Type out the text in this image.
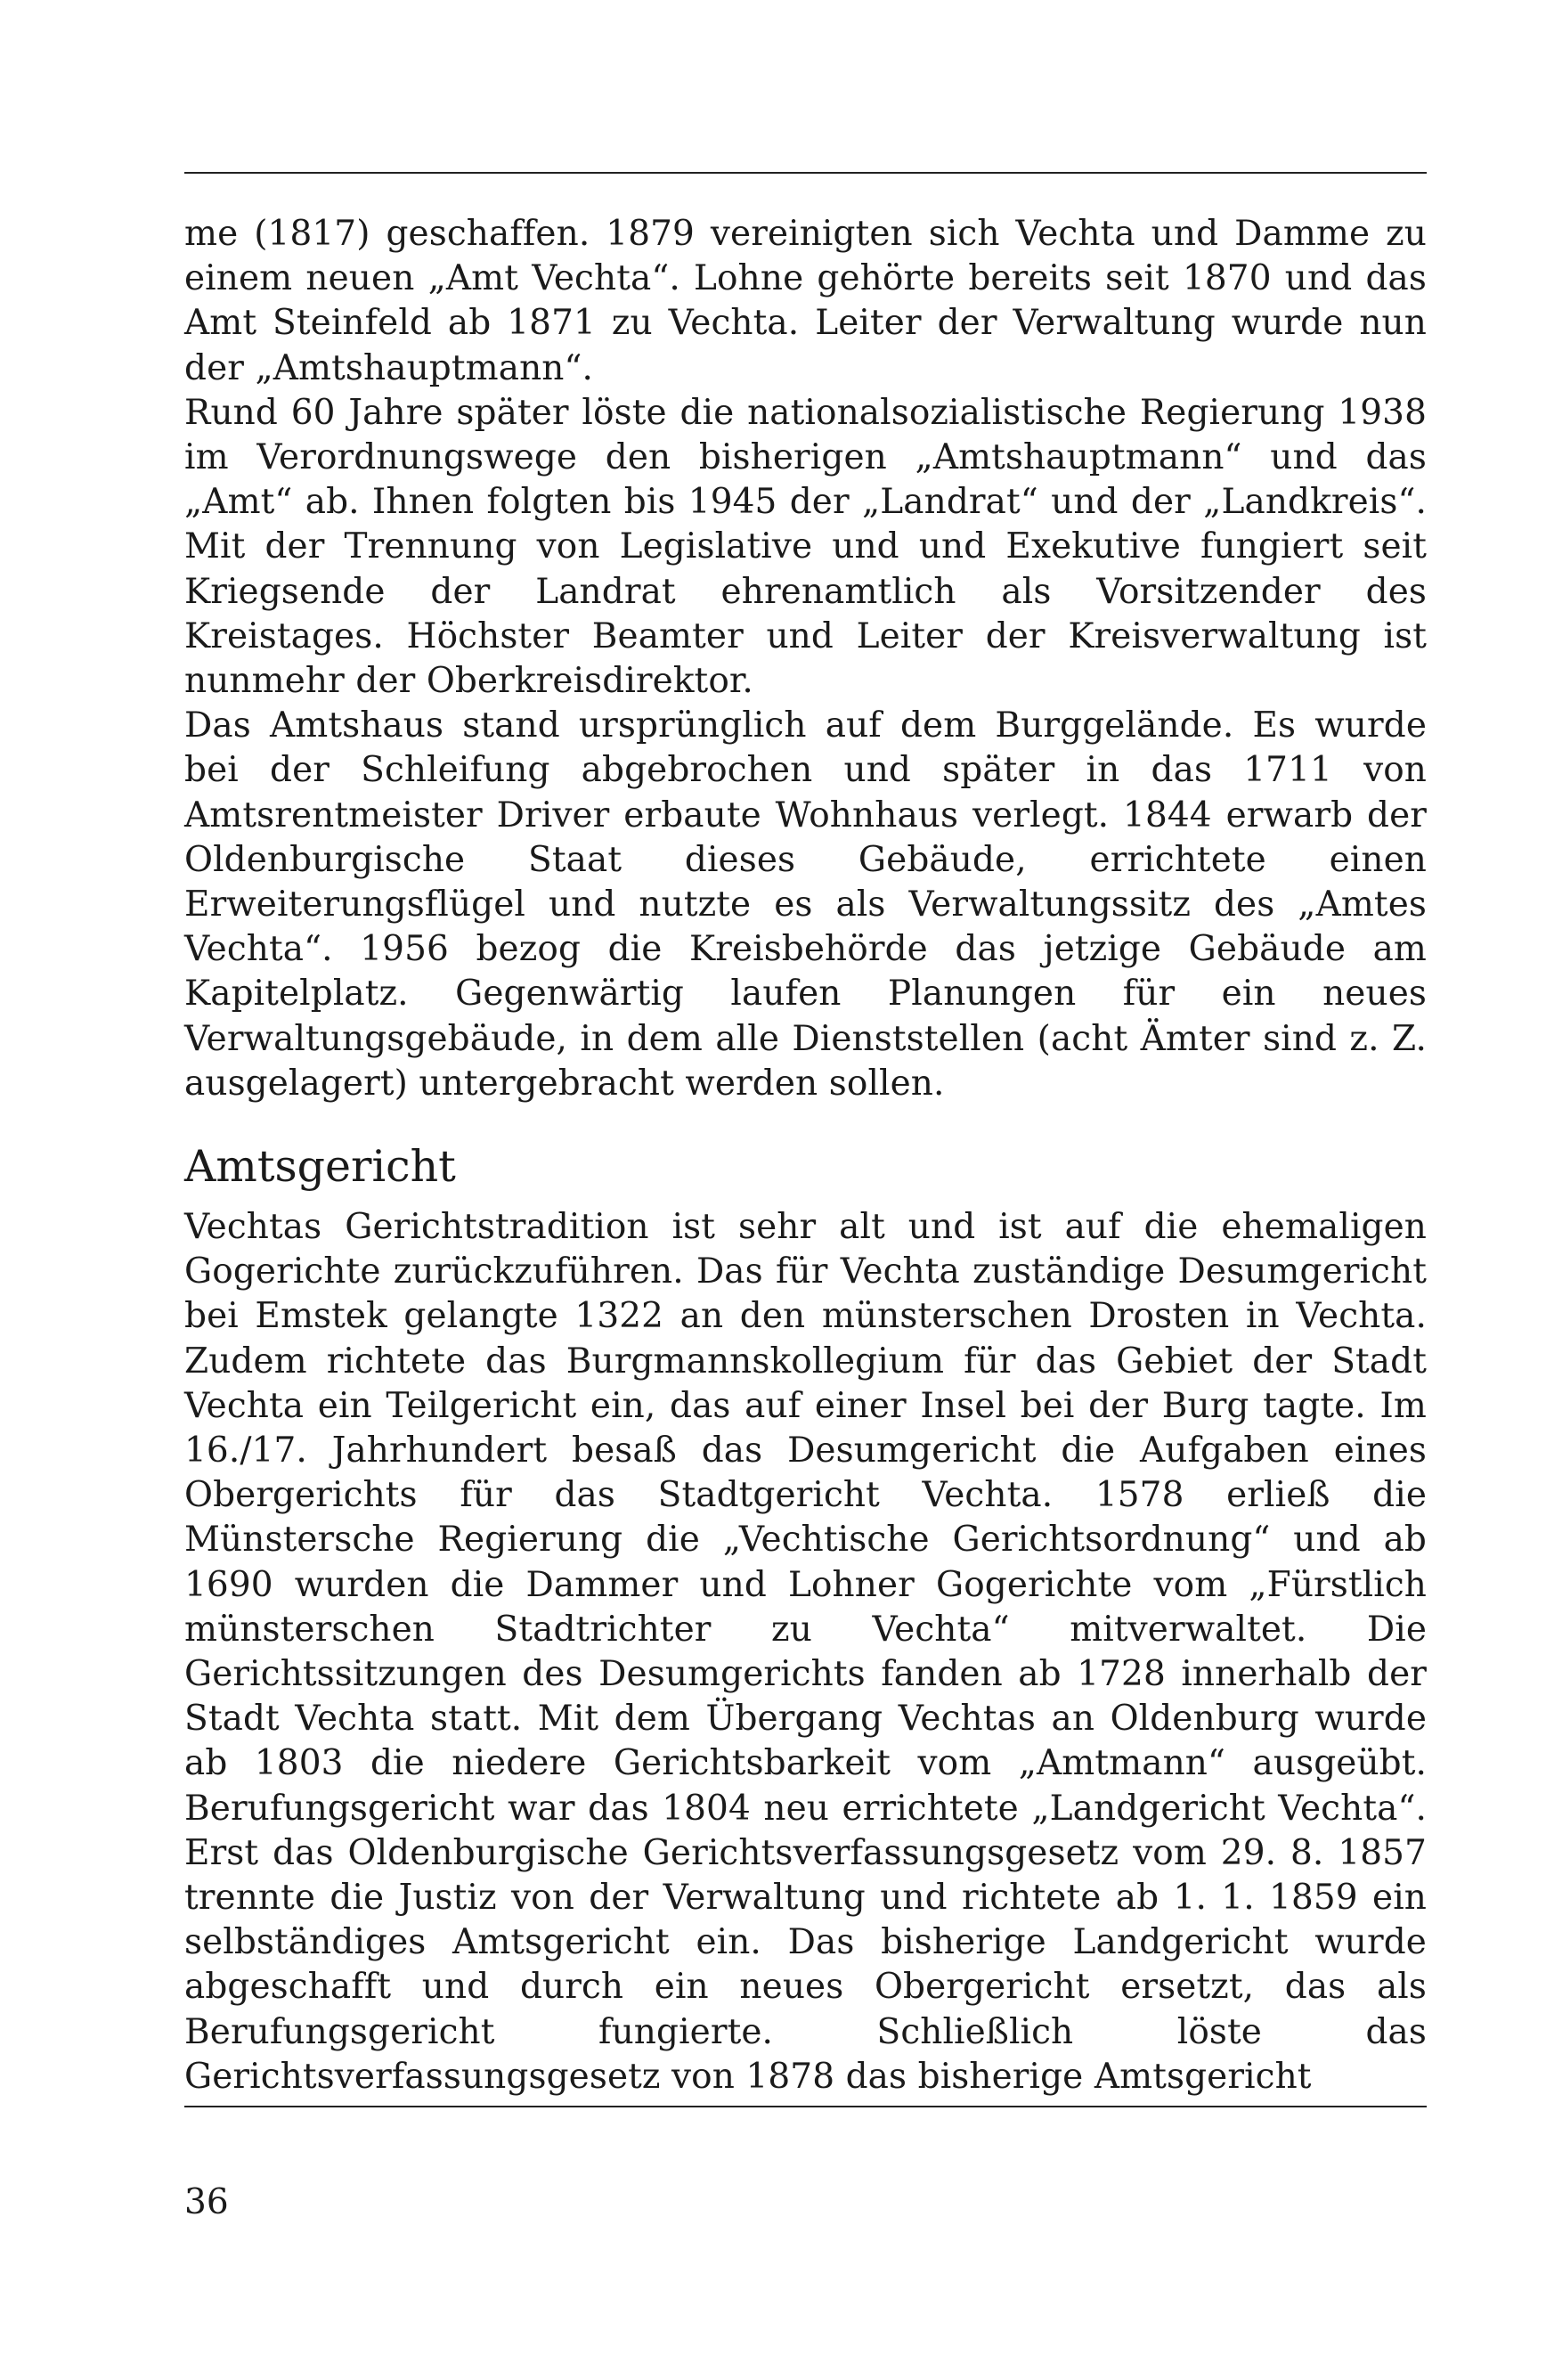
me (1817) geschaffen. 1879 vereinigten sich Vechta und Damme zu einem neuen „Amt Vechta“. Lohne gehörte bereits seit 1870 und das Amt Steinfeld ab 1871 zu Vechta. Leiter der Verwaltung wurde nun der „Amtshauptmann“.

Rund 60 Jahre später löste die nationalsozialistische Regierung 1938 im Verordnungswege den bisherigen „Amtshauptmann“ und das „Amt“ ab. Ihnen folgten bis 1945 der „Landrat“ und der „Landkreis“. Mit der Trennung von Legislative und und Exekutive fungiert seit Kriegsende der Landrat ehrenamtlich als Vorsitzender des Kreistages. Höchster Beamter und Leiter der Kreisverwaltung ist nunmehr der Oberkreisdirektor.

Das Amtshaus stand ursprünglich auf dem Burggelände. Es wurde bei der Schleifung abgebrochen und später in das 1711 von Amtsrentmeister Driver erbaute Wohnhaus verlegt. 1844 erwarb der Oldenburgische Staat dieses Gebäude, errichtete einen Erweiterungsflügel und nutzte es als Verwaltungssitz des „Amtes Vechta“. 1956 bezog die Kreisbehörde das jetzige Gebäude am Kapitelplatz. Gegenwärtig laufen Planungen für ein neues Verwaltungsgebäude, in dem alle Dienststellen (acht Ämter sind z. Z. ausgelagert) untergebracht werden sollen.

Amtsgericht

Vechtas Gerichtstradition ist sehr alt und ist auf die ehemaligen Gogerichte zurückzuführen. Das für Vechta zuständige Desumgericht bei Emstek gelangte 1322 an den münsterschen Drosten in Vechta. Zudem richtete das Burgmannskollegium für das Gebiet der Stadt Vechta ein Teilgericht ein, das auf einer Insel bei der Burg tagte. Im 16./17. Jahrhundert besaß das Desumgericht die Aufgaben eines Obergerichts für das Stadtgericht Vechta. 1578 erließ die Münstersche Regierung die „Vechtische Gerichtsordnung“ und ab 1690 wurden die Dammer und Lohner Gogerichte vom „Fürstlich münsterschen Stadtrichter zu Vechta“ mitverwaltet. Die Gerichtssitzungen des Desumgerichts fanden ab 1728 innerhalb der Stadt Vechta statt. Mit dem Übergang Vechtas an Oldenburg wurde ab 1803 die niedere Gerichtsbarkeit vom „Amtmann“ ausgeübt. Berufungsgericht war das 1804 neu errichtete „Landgericht Vechta“. Erst das Oldenburgische Gerichtsverfassungsgesetz vom 29. 8. 1857 trennte die Justiz von der Verwaltung und richtete ab 1. 1. 1859 ein selbständiges Amtsgericht ein. Das bisherige Landgericht wurde abgeschafft und durch ein neues Obergericht ersetzt, das als Berufungsgericht fungierte. Schließlich löste das Gerichtsverfassungsgesetz von 1878 das bisherige Amtsgericht

36
